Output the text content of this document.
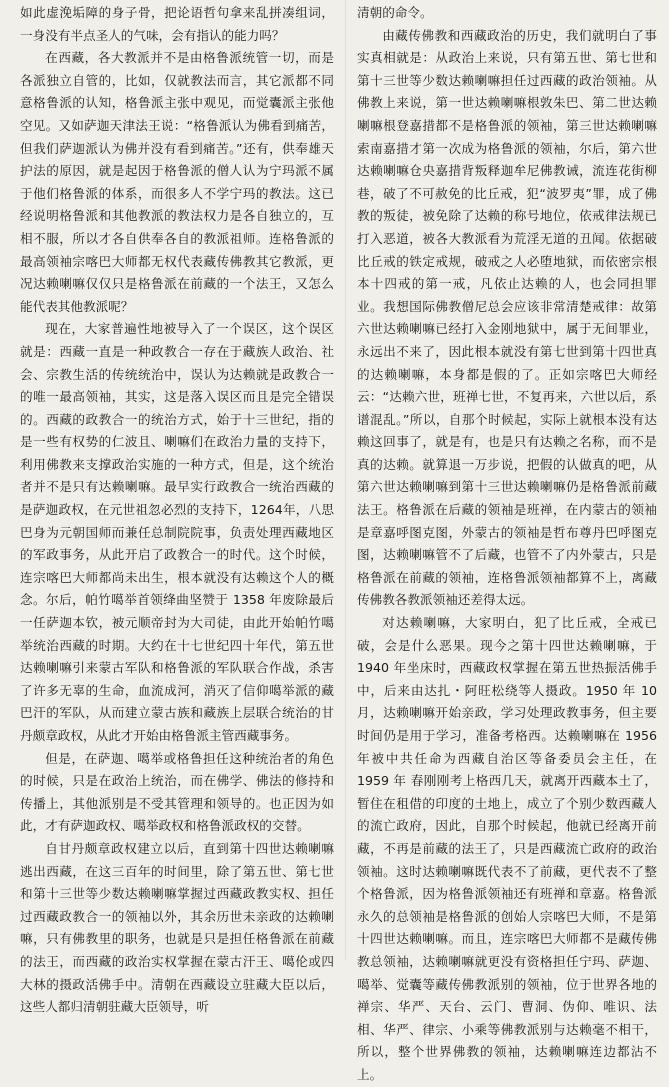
如此虚浼垢障的身子骨，把论语哲句拿来乱拼凑组词，一身没有半点圣人的气味，会有指认的能力吗？

在西藏，各大教派并不是由格鲁派统管一切，而是各派独立自管的，比如，仅就教法而言，其它派都不同意格鲁派的认知，格鲁派主张中观见，而觉囊派主张他空见。又如萨迦天津法王说：“格鲁派认为佛看到痛苦，但我们萨迦派认为佛并没有看到痛苦。”还有，供奉雄天护法的原因，就是起因于格鲁派的僧人认为宁玛派不属于他们格鲁派的体系，而很多人不学宁玛的教法。这已经说明格鲁派和其他教派的教法权力是各自独立的，互相不服，所以才各自供奉各自的教派祖师。连格鲁派的最高领袖宗喀巴大师都无权代表藏传佛教其它教派，更况达赖喇嘛仅仅只是格鲁派在前藏的一个法王，又怎么能代表其他教派呢？

现在，大家普遍性地被导入了一个误区，这个误区就是：西藏一直是一种政教合一存在于藏族人政治、社会、宗教生活的传统统治中，误认为达赖就是政教合一的唯一最高领袖，其实，这是落入误区而且是完全错误的。西藏的政教合一的统治方式，始于十三世纪，指的是一些有权势的仁波且、喇嘛们在政治力量的支持下，利用佛教来支撑政治实施的一种方式，但是，这个统治者并不是只有达赖喇嘛。最早实行政教合一统治西藏的是萨迦政权，在元世祖忽必烈的支持下，1264年，八思巴身为元朝国师而兼任总制院院事，负责处理西藏地区的军政事务，从此开启了政教合一的时代。这个时候，连宗喀巴大师都尚未出生，根本就没有达赖这个人的概念。尔后，帕竹噶举首领绛曲坚赞于 1358 年废除最后一任萨迦本钦，被元顺帝封为大司徒，由此开始帕竹噶举统治西藏的时期。大约在十七世纪四十年代，第五世达赖喇嘛引来蒙古军队和格鲁派的军队联合作战，杀害了许多无辜的生命，血流成河，消灭了信仰噶举派的藏巴汗的军队，从而建立蒙古族和藏族上层联合统治的甘丹颇章政权，从此才开始由格鲁派主管西藏事务。

但是，在萨迦、噶举或格鲁担任这种统治者的角色的时候，只是在政治上统治，而在佛学、佛法的修持和传播上，其他派别是不受其管理和领导的。也正因为如此，才有萨迦政权、噶举政权和格鲁派政权的交替。

自甘丹颇章政权建立以后，直到第十四世达赖喇嘛逃出西藏，在这三百年的时间里，除了第五世、第七世和第十三世等少数达赖喇嘛掌握过西藏政教实权、担任过西藏政教合一的领袖以外，其余历世未亲政的达赖喇嘛，只有佛教里的职务，也就是只是担任格鲁派在前藏的法王，而西藏的政治实权掌握在蒙古汗王、噶伦或四大林的摄政活佛手中。清朝在西藏设立驻藏大臣以后，这些人都归清朝驻藏大臣领导，听

清朝的命令。

由藏传佛教和西藏政治的历史，我们就明白了事实真相就是：从政治上来说，只有第五世、第七世和第十三世等少数达赖喇嘛担任过西藏的政治领袖。从佛教上来说，第一世达赖喇嘛根敦朱巴、第二世达赖喇嘛根登嘉措都不是格鲁派的领袖，第三世达赖喇嘛索南嘉措才第一次成为格鲁派的领袖，尔后，第六世达赖喇嘛仓央嘉措背叛释迦牟尼佛教诫，流连花街柳巷，破了不可赦免的比丘戒，犯“波罗夷”罪，成了佛教的叛徒，被免除了达赖的称号地位，依戒律法规已打入恶道，被各大教派看为荒淫无道的丑闻。依据破比丘戒的铁定戒规，破戒之人必堕地狱，而依密宗根本十四戒的第一戒，凡依止达赖的人，也会同担罪业。我想国际佛教僧尼总会应该非常清楚戒律：故第六世达赖喇嘛已经打入金刚地狱中，属于无间罪业，永远出不来了，因此根本就没有第七世到第十四世真的达赖喇嘛，本身都是假的了。正如宗喀巴大师经云：“达赖六世，班禅七世，不复再来，六世以后，系谱混乱。”所以，自那个时候起，实际上就根本没有达赖这回事了，就是有，也是只有达赖之名称，而不是真的达赖。就算退一万步说，把假的认做真的吧，从第六世达赖喇嘛到第十三世达赖喇嘛仍是格鲁派前藏法王。格鲁派在后藏的领袖是班禅，在内蒙古的领袖是章嘉呼图克图，外蒙古的领袖是哲布尊丹巴呼图克图，达赖喇嘛管不了后藏，也管不了内外蒙古，只是格鲁派在前藏的领袖，连格鲁派领袖都算不上，离藏传佛教各教派领袖还差得太远。

对达赖喇嘛，大家明白，犯了比丘戒，全戒已破，会是什么恶果。现今之第十四世达赖喇嘛，于 1940 年坐床时，西藏政权掌握在第五世热振活佛手中，后来由达扎・阿旺松绕等人摄政。1950 年 10 月，达赖喇嘛开始亲政，学习处理政教事务，但主要时间仍是用于学习，准备考格西。达赖喇嘛在 1956 年被中共任命为西藏自治区等备委员会主任，在 1959 年 春刚刚考上格西几天，就离开西藏本土了，暂住在租借的印度的土地上，成立了个别少数西藏人的流亡政府，因此，自那个时候起，他就已经离开前藏，不再是前藏的法王了，只是西藏流亡政府的政治领袖。这时达赖喇嘛既代表不了前藏，更代表不了整个格鲁派，因为格鲁派领袖还有班禅和章嘉。格鲁派永久的总领袖是格鲁派的创始人宗喀巴大师，不是第十四世达赖喇嘛。而且，连宗喀巴大师都不是藏传佛教总领袖，达赖喇嘛就更没有资格担任宁玛、萨迦、噶举、觉囊等藏传佛教派别的领袖，位于世界各地的禅宗、华严、天台、云门、曹洞、伪仰、唯识、法相、华严、律宗、小乘等佛教派别与达赖毫不相干，所以，整个世界佛教的领袖，达赖喇嘛连边都沾不上。
